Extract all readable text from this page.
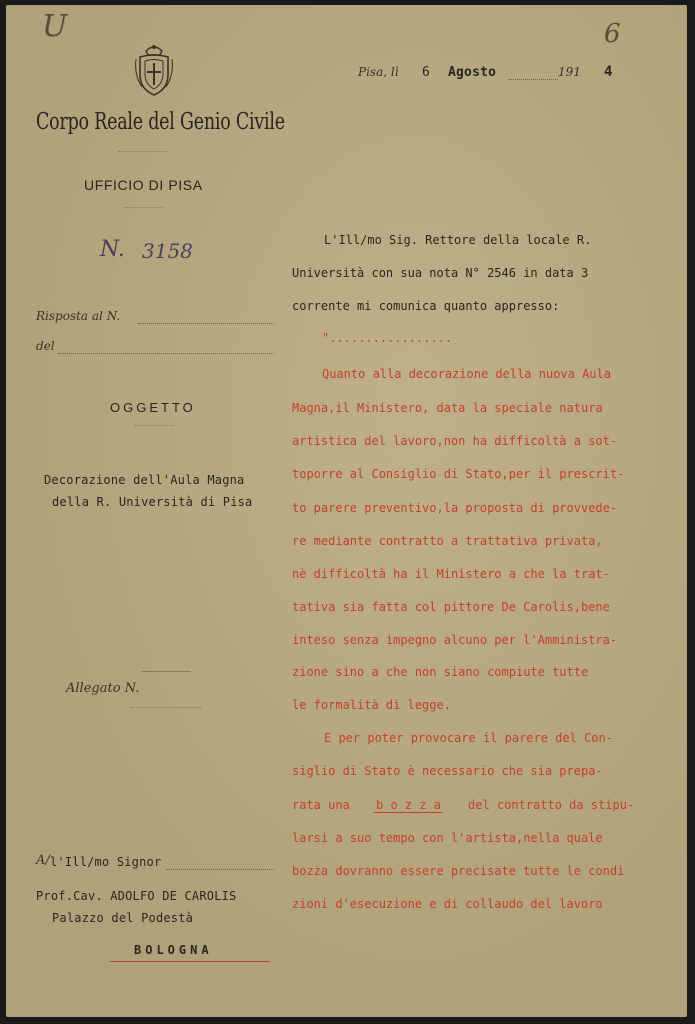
U	6
Pisa, lì 6 Agosto	191 4
Corpo Reale del Genio Civile
UFFICIO DI PISA
N. 3158
Risposta al N.
del
OGGETTO
Decorazione dell'Aula Magna
della R. Università di Pisa
Allegato N.
A/ l'Ill/mo Signor
Prof.Cav. ADOLFO DE CAROLIS
Palazzo del Podestà
BOLOGNA
L'Ill/mo Sig. Rettore della locale R.
Università con sua nota N° 2546 in data 3
corrente mi comunica quanto appresso:
".................
Quanto alla decorazione della nuova Aula
Magna,il Ministero, data la speciale natura
artistica del lavoro,non ha difficoltà a sot-
toporre al Consiglio di Stato,per il prescrit-
to parere preventivo,la proposta di provvede-
re mediante contratto a trattativa privata,
nè difficoltà ha il Ministero a che la trat-
tativa sia fatta col pittore De Carolis,bene
inteso senza impegno alcuno per l'Amministra-
zione sino a che non siano compiute tutte
le formalità di legge.
E per poter provocare il parere del Con-
siglio di Stato è necessario che sia prepa-
rata una b o z z a del contratto da stipu-
larsi a suo tempo con l'artista,nella quale
bozza dovranno essere precisate tutte le condi
zioni d'esecuzione e di collaudo del lavoro
